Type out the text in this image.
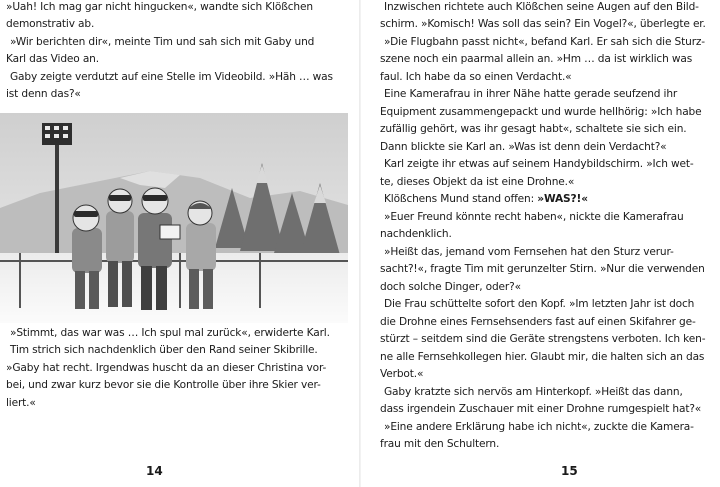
»Uah! Ich mag gar nicht hingucken«, wandte sich Klößchen
demonstrativ ab.
»Wir berichten dir«, meinte Tim und sah sich mit Gaby und
Karl das Video an.
Gaby zeigte verdutzt auf eine Stelle im Videobild. »Häh … was
ist denn das?«
»Stimmt, das war was … Ich spul mal zurück«, erwiderte Karl.
Tim strich sich nachdenklich über den Rand seiner Skibrille.
»Gaby hat recht. Irgendwas huscht da an dieser Christina vor-
bei, und zwar kurz bevor sie die Kontrolle über ihre Skier ver-
liert.«
14
Inzwischen richtete auch Klößchen seine Augen auf den Bild-
schirm. »Komisch! Was soll das sein? Ein Vogel?«, überlegte er.
»Die Flugbahn passt nicht«, befand Karl. Er sah sich die Sturz-
szene noch ein paarmal allein an. »Hm … da ist wirklich was
faul. Ich habe da so einen Verdacht.«
Eine Kamerafrau in ihrer Nähe hatte gerade seufzend ihr
Equipment zusammengepackt und wurde hellhörig: »Ich habe
zufällig gehört, was ihr gesagt habt«, schaltete sie sich ein.
Dann blickte sie Karl an. »Was ist denn dein Verdacht?«
Karl zeigte ihr etwas auf seinem Handybildschirm. »Ich wet-
te, dieses Objekt da ist eine Drohne.«
Klößchens Mund stand offen: »WAS?!«
»Euer Freund könnte recht haben«, nickte die Kamerafrau
nachdenklich.
»Heißt das, jemand vom Fernsehen hat den Sturz verur-
sacht?!«, fragte Tim mit gerunzelter Stirn. »Nur die verwenden
doch solche Dinger, oder?«
Die Frau schüttelte sofort den Kopf. »Im letzten Jahr ist doch
die Drohne eines Fernsehsenders fast auf einen Skifahrer ge-
stürzt – seitdem sind die Geräte strengstens verboten. Ich ken-
ne alle Fernsehkollegen hier. Glaubt mir, die halten sich an das
Verbot.«
Gaby kratzte sich nervös am Hinterkopf. »Heißt das dann,
dass irgendein Zuschauer mit einer Drohne rumgespielt hat?«
»Eine andere Erklärung habe ich nicht«, zuckte die Kamera-
frau mit den Schultern.
15
